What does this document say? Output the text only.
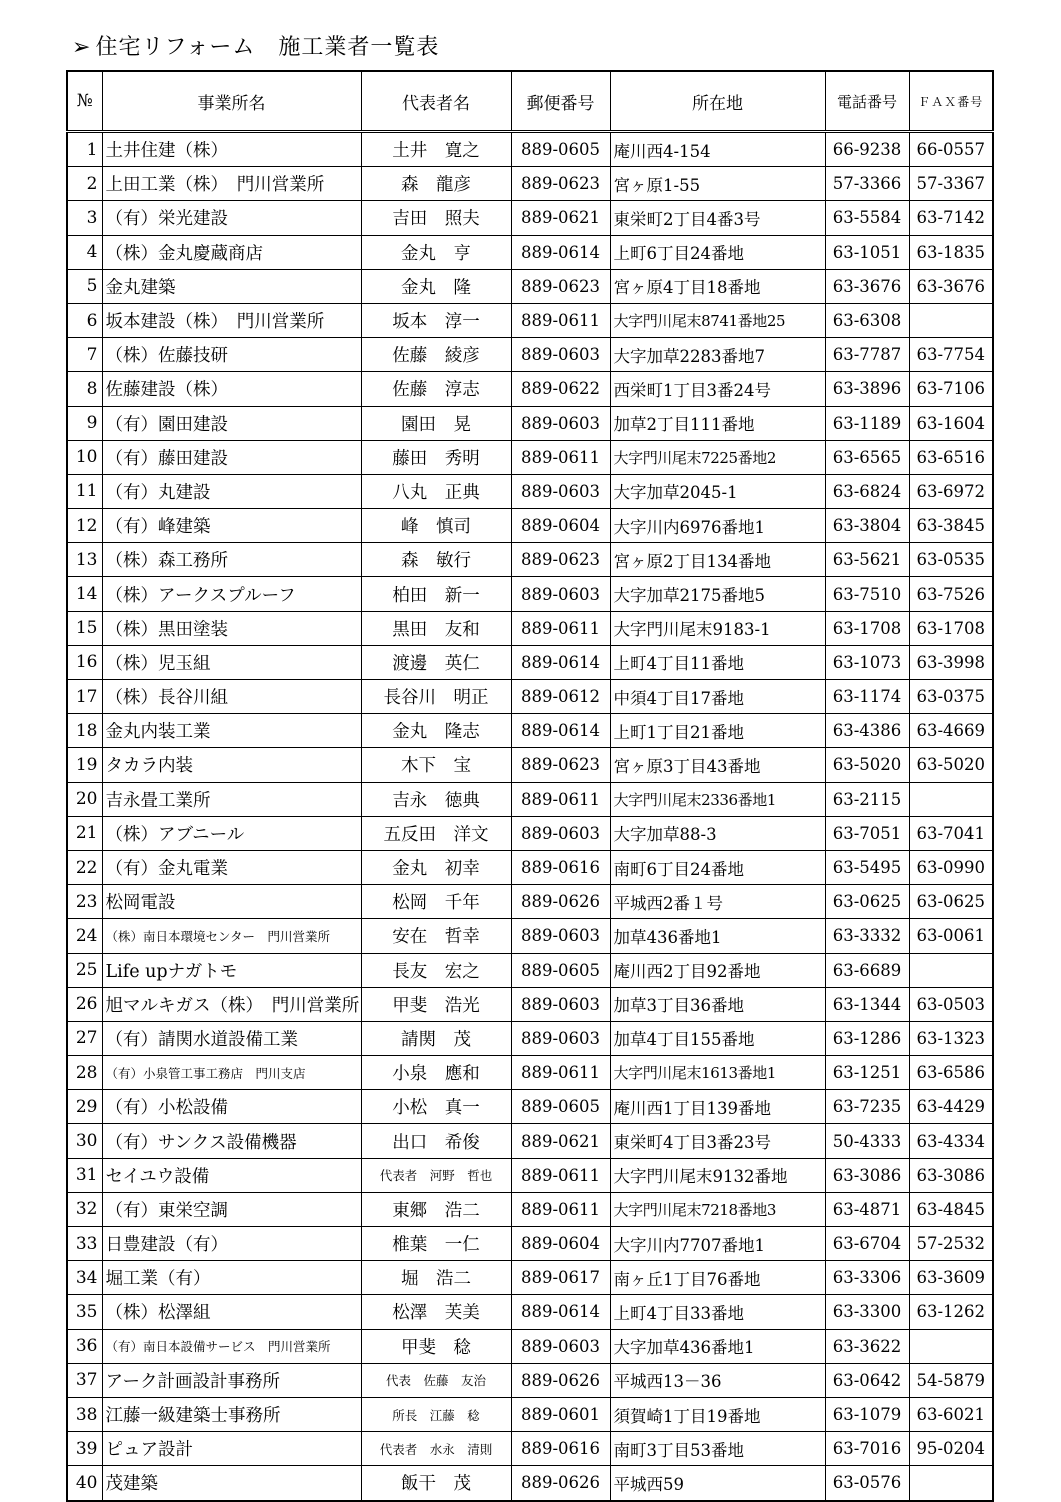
➢ 住宅リフォーム　施工業者一覧表
№	事業所名	代表者名	郵便番号	所在地	電話番号	ＦＡＸ番号
1	土井住建（株）	土井　寛之	889-0605	庵川西4-154	66-9238	66-0557
2	上田工業（株）　門川営業所	森　龍彦	889-0623	宮ヶ原1-55	57-3366	57-3367
3	（有）栄光建設	吉田　照夫	889-0621	東栄町2丁目4番3号	63-5584	63-7142
4	（株）金丸慶蔵商店	金丸　亨	889-0614	上町6丁目24番地	63-1051	63-1835
5	金丸建築	金丸　隆	889-0623	宮ヶ原4丁目18番地	63-3676	63-3676
6	坂本建設（株）　門川営業所	坂本　淳一	889-0611	大字門川尾末8741番地25	63-6308	
7	（株）佐藤技研	佐藤　綾彦	889-0603	大字加草2283番地7	63-7787	63-7754
8	佐藤建設（株）	佐藤　淳志	889-0622	西栄町1丁目3番24号	63-3896	63-7106
9	（有）園田建設	園田　晃	889-0603	加草2丁目111番地	63-1189	63-1604
10	（有）藤田建設	藤田　秀明	889-0611	大字門川尾末7225番地2	63-6565	63-6516
11	（有）丸建設	八丸　正典	889-0603	大字加草2045-1	63-6824	63-6972
12	（有）峰建築	峰　慎司	889-0604	大字川内6976番地1	63-3804	63-3845
13	（株）森工務所	森　敏行	889-0623	宮ヶ原2丁目134番地	63-5621	63-0535
14	（株）アークスプルーフ	柏田　新一	889-0603	大字加草2175番地5	63-7510	63-7526
15	（株）黒田塗装	黒田　友和	889-0611	大字門川尾末9183-1	63-1708	63-1708
16	（株）児玉組	渡邊　英仁	889-0614	上町4丁目11番地	63-1073	63-3998
17	（株）長谷川組	長谷川　明正	889-0612	中須4丁目17番地	63-1174	63-0375
18	金丸内装工業	金丸　隆志	889-0614	上町1丁目21番地	63-4386	63-4669
19	タカラ内装	木下　宝	889-0623	宮ヶ原3丁目43番地	63-5020	63-5020
20	吉永畳工業所	吉永　徳典	889-0611	大字門川尾末2336番地1	63-2115	
21	（株）アブニール	五反田　洋文	889-0603	大字加草88-3	63-7051	63-7041
22	（有）金丸電業	金丸　初幸	889-0616	南町6丁目24番地	63-5495	63-0990
23	松岡電設	松岡　千年	889-0626	平城西2番１号	63-0625	63-0625
24	（株）南日本環境センター　門川営業所	安在　哲幸	889-0603	加草436番地1	63-3332	63-0061
25	Life upナガトモ	長友　宏之	889-0605	庵川西2丁目92番地	63-6689	
26	旭マルキガス（株）　門川営業所	甲斐　浩光	889-0603	加草3丁目36番地	63-1344	63-0503
27	（有）請関水道設備工業	請関　茂	889-0603	加草4丁目155番地	63-1286	63-1323
28	（有）小泉管工事工務店　門川支店	小泉　應和	889-0611	大字門川尾末1613番地1	63-1251	63-6586
29	（有）小松設備	小松　真一	889-0605	庵川西1丁目139番地	63-7235	63-4429
30	（有）サンクス設備機器	出口　希俊	889-0621	東栄町4丁目3番23号	50-4333	63-4334
31	セイユウ設備	代表者　河野　哲也	889-0611	大字門川尾末9132番地	63-3086	63-3086
32	（有）東栄空調	東郷　浩二	889-0611	大字門川尾末7218番地3	63-4871	63-4845
33	日豊建設（有）	椎葉　一仁	889-0604	大字川内7707番地1	63-6704	57-2532
34	堀工業（有）	堀　浩二	889-0617	南ヶ丘1丁目76番地	63-3306	63-3609
35	（株）松澤組	松澤　芙美	889-0614	上町4丁目33番地	63-3300	63-1262
36	（有）南日本設備サービス　門川営業所	甲斐　稔	889-0603	大字加草436番地1	63-3622	
37	アーク計画設計事務所	代表　佐藤　友治	889-0626	平城西13－36	63-0642	54-5879
38	江藤一級建築士事務所	所長　江藤　稔	889-0601	須賀崎1丁目19番地	63-1079	63-6021
39	ピュア設計	代表者　水永　清則	889-0616	南町3丁目53番地	63-7016	95-0204
40	茂建築	飯干　茂	889-0626	平城西59	63-0576	
